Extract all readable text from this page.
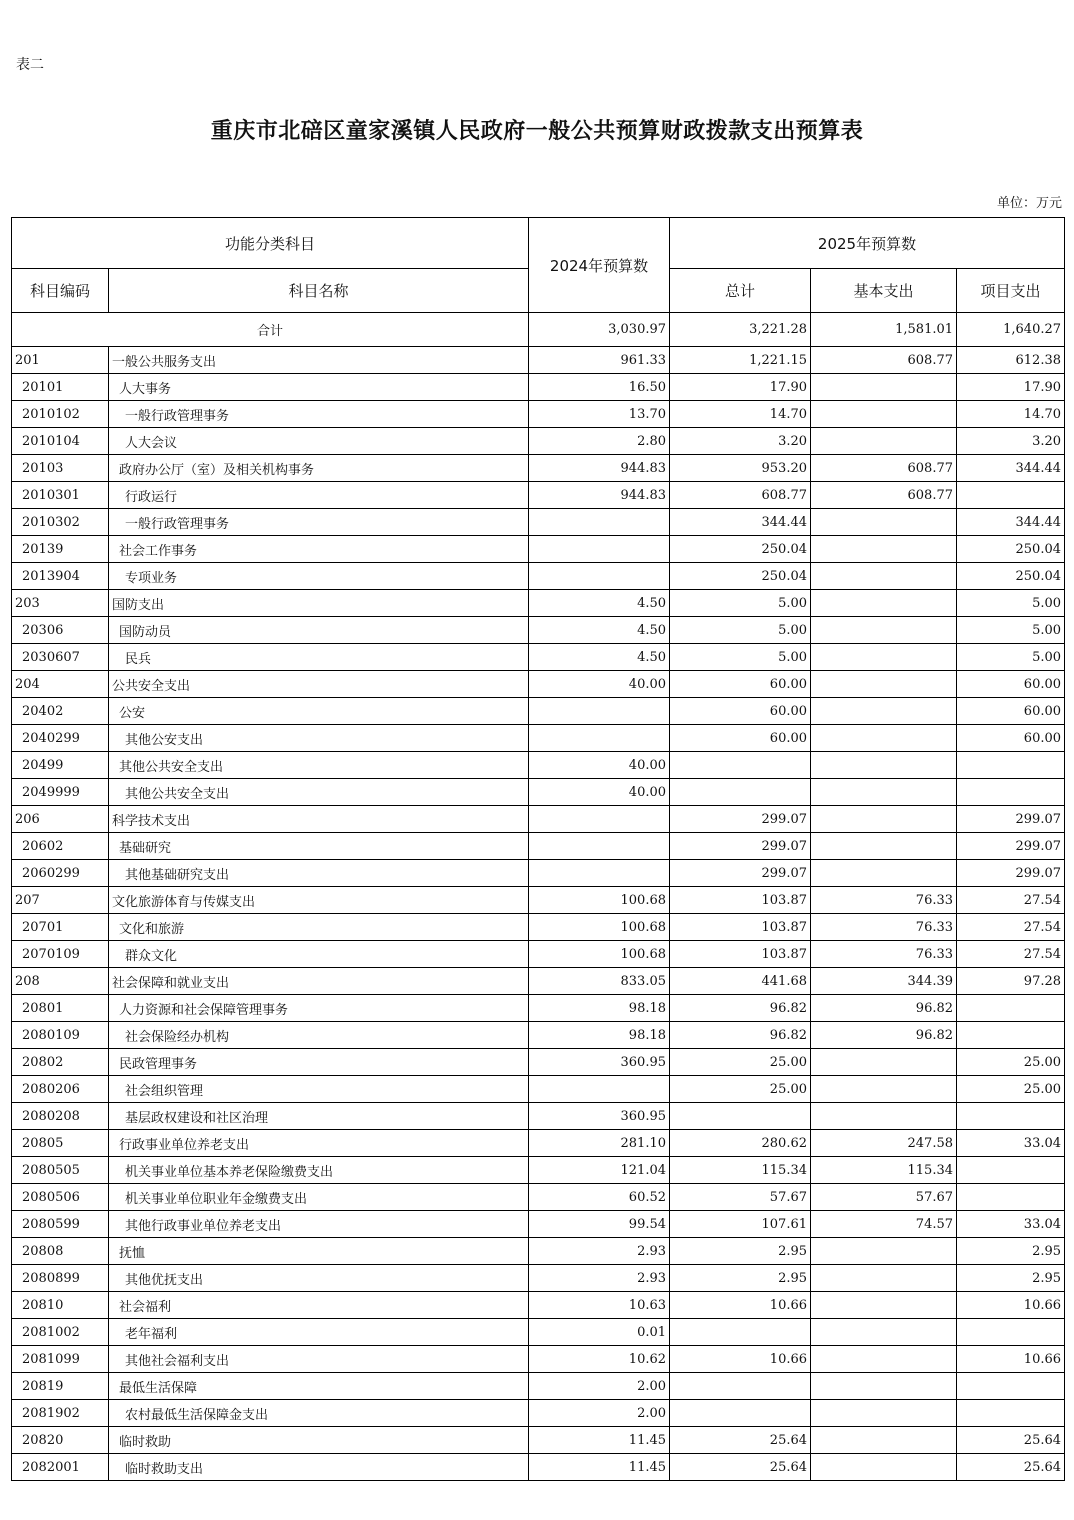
表二
重庆市北碚区童家溪镇人民政府一般公共预算财政拨款支出预算表
单位：万元
功能分类科目		2024年预算数	2025年预算数		
科目编码	科目名称		总计	基本支出	项目支出
合计		3,030.97	3,221.28	1,581.01	1,640.27
201	一般公共服务支出	961.33	1,221.15	608.77	612.38
20101	人大事务	16.50	17.90		17.90
2010102	一般行政管理事务	13.70	14.70		14.70
2010104	人大会议	2.80	3.20		3.20
20103	政府办公厅（室）及相关机构事务	944.83	953.20	608.77	344.44
2010301	行政运行	944.83	608.77	608.77	
2010302	一般行政管理事务		344.44		344.44
20139	社会工作事务		250.04		250.04
2013904	专项业务		250.04		250.04
203	国防支出	4.50	5.00		5.00
20306	国防动员	4.50	5.00		5.00
2030607	民兵	4.50	5.00		5.00
204	公共安全支出	40.00	60.00		60.00
20402	公安		60.00		60.00
2040299	其他公安支出		60.00		60.00
20499	其他公共安全支出	40.00			
2049999	其他公共安全支出	40.00			
206	科学技术支出		299.07		299.07
20602	基础研究		299.07		299.07
2060299	其他基础研究支出		299.07		299.07
207	文化旅游体育与传媒支出	100.68	103.87	76.33	27.54
20701	文化和旅游	100.68	103.87	76.33	27.54
2070109	群众文化	100.68	103.87	76.33	27.54
208	社会保障和就业支出	833.05	441.68	344.39	97.28
20801	人力资源和社会保障管理事务	98.18	96.82	96.82	
2080109	社会保险经办机构	98.18	96.82	96.82	
20802	民政管理事务	360.95	25.00		25.00
2080206	社会组织管理		25.00		25.00
2080208	基层政权建设和社区治理	360.95			
20805	行政事业单位养老支出	281.10	280.62	247.58	33.04
2080505	机关事业单位基本养老保险缴费支出	121.04	115.34	115.34	
2080506	机关事业单位职业年金缴费支出	60.52	57.67	57.67	
2080599	其他行政事业单位养老支出	99.54	107.61	74.57	33.04
20808	抚恤	2.93	2.95		2.95
2080899	其他优抚支出	2.93	2.95		2.95
20810	社会福利	10.63	10.66		10.66
2081002	老年福利	0.01			
2081099	其他社会福利支出	10.62	10.66		10.66
20819	最低生活保障	2.00			
2081902	农村最低生活保障金支出	2.00			
20820	临时救助	11.45	25.64		25.64
2082001	临时救助支出	11.45	25.64		25.64
